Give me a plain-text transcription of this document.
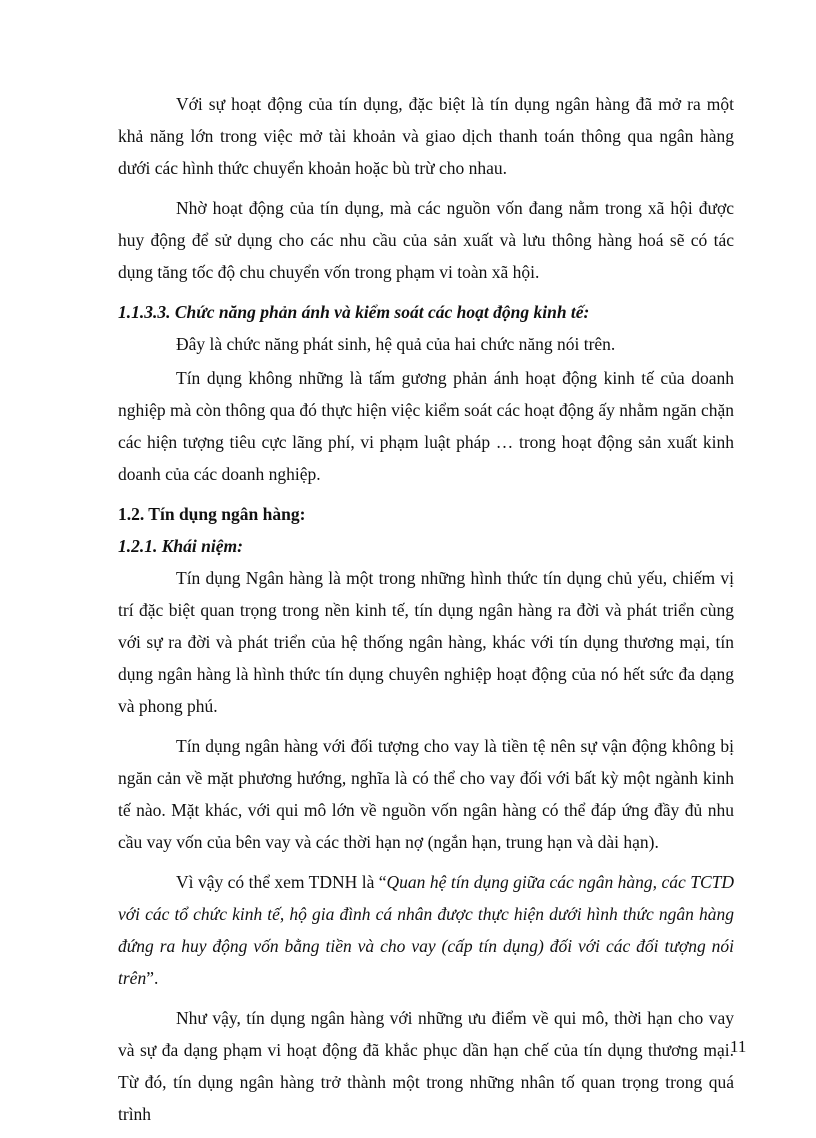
Với sự hoạt động của tín dụng, đặc biệt là tín dụng ngân hàng đã mở ra một khả năng lớn trong việc mở tài khoản và giao dịch thanh toán thông qua ngân hàng dưới các hình thức chuyển khoản hoặc bù trừ cho nhau.

Nhờ hoạt động của tín dụng, mà các nguồn vốn đang nằm trong xã hội được huy động để sử dụng cho các nhu cầu của sản xuất và lưu thông hàng hoá sẽ có tác dụng tăng tốc độ chu chuyển vốn trong phạm vi toàn xã hội.

1.1.3.3. Chức năng phản ánh và kiểm soát các hoạt động kinh tế:

Đây là chức năng phát sinh, hệ quả của hai chức năng nói trên.

Tín dụng không những là tấm gương phản ánh hoạt động kinh tế của doanh nghiệp mà còn thông qua đó thực hiện việc kiểm soát các hoạt động ấy nhằm ngăn chặn các hiện tượng tiêu cực lãng phí, vi phạm luật pháp … trong hoạt động sản xuất kinh doanh của các doanh nghiệp.

1.2. Tín dụng ngân hàng:

1.2.1. Khái niệm:

Tín dụng Ngân hàng là một trong những hình thức tín dụng chủ yếu, chiếm vị trí đặc biệt quan trọng trong nền kinh tế, tín dụng ngân hàng ra đời và phát triển cùng với sự ra đời và phát triển của hệ thống ngân hàng, khác với tín dụng thương mại, tín dụng ngân hàng là hình thức tín dụng chuyên nghiệp hoạt động của nó hết sức đa dạng và phong phú.

Tín dụng ngân hàng với đối tượng cho vay là tiền tệ nên sự vận động không bị ngăn cản về mặt phương hướng, nghĩa là có thể cho vay đối với bất kỳ một ngành kinh tế nào. Mặt khác, với qui mô lớn về nguồn vốn ngân hàng có thể đáp ứng đầy đủ nhu cầu vay vốn của bên vay và các thời hạn nợ (ngắn hạn, trung hạn và dài hạn).

Vì vậy có thể xem TDNH là “Quan hệ tín dụng giữa các ngân hàng, các TCTD với các tổ chức kinh tế, hộ gia đình cá nhân được thực hiện dưới hình thức ngân hàng đứng ra huy động vốn bằng tiền và cho vay (cấp tín dụng) đối với các đối tượng nói trên”.

Như vậy, tín dụng ngân hàng với những ưu điểm về qui mô, thời hạn cho vay và sự đa dạng phạm vi hoạt động đã khắc phục dần hạn chế của tín dụng thương mại. Từ đó, tín dụng ngân hàng trở thành một trong những nhân tố quan trọng trong quá trình

11
